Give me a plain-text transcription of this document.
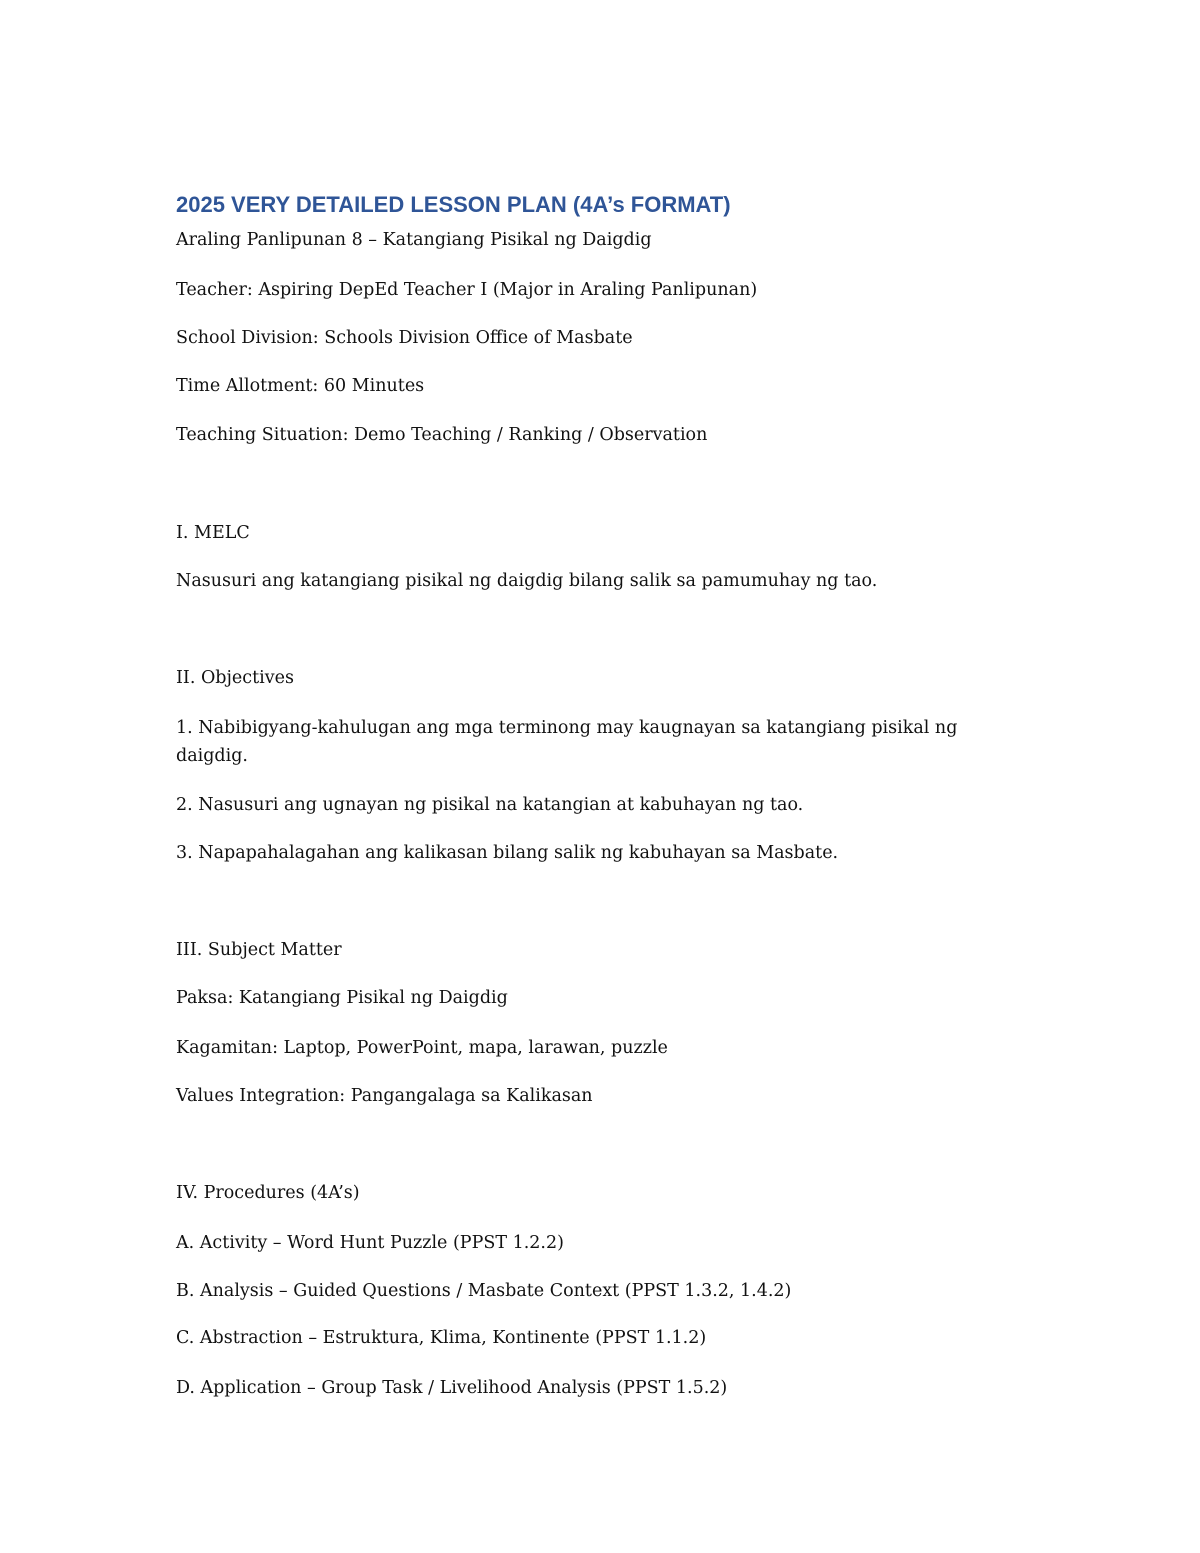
2025 VERY DETAILED LESSON PLAN (4A’s FORMAT)
Araling Panlipunan 8 – Katangiang Pisikal ng Daigdig
Teacher: Aspiring DepEd Teacher I (Major in Araling Panlipunan)
School Division: Schools Division Office of Masbate
Time Allotment: 60 Minutes
Teaching Situation: Demo Teaching / Ranking / Observation
I. MELC
Nasusuri ang katangiang pisikal ng daigdig bilang salik sa pamumuhay ng tao.
II. Objectives
1. Nabibigyang-kahulugan ang mga terminong may kaugnayan sa katangiang pisikal ng daigdig.
2. Nasusuri ang ugnayan ng pisikal na katangian at kabuhayan ng tao.
3. Napapahalagahan ang kalikasan bilang salik ng kabuhayan sa Masbate.
III. Subject Matter
Paksa: Katangiang Pisikal ng Daigdig
Kagamitan: Laptop, PowerPoint, mapa, larawan, puzzle
Values Integration: Pangangalaga sa Kalikasan
IV. Procedures (4A’s)
A. Activity – Word Hunt Puzzle (PPST 1.2.2)
B. Analysis – Guided Questions / Masbate Context (PPST 1.3.2, 1.4.2)
C. Abstraction – Estruktura, Klima, Kontinente (PPST 1.1.2)
D. Application – Group Task / Livelihood Analysis (PPST 1.5.2)
